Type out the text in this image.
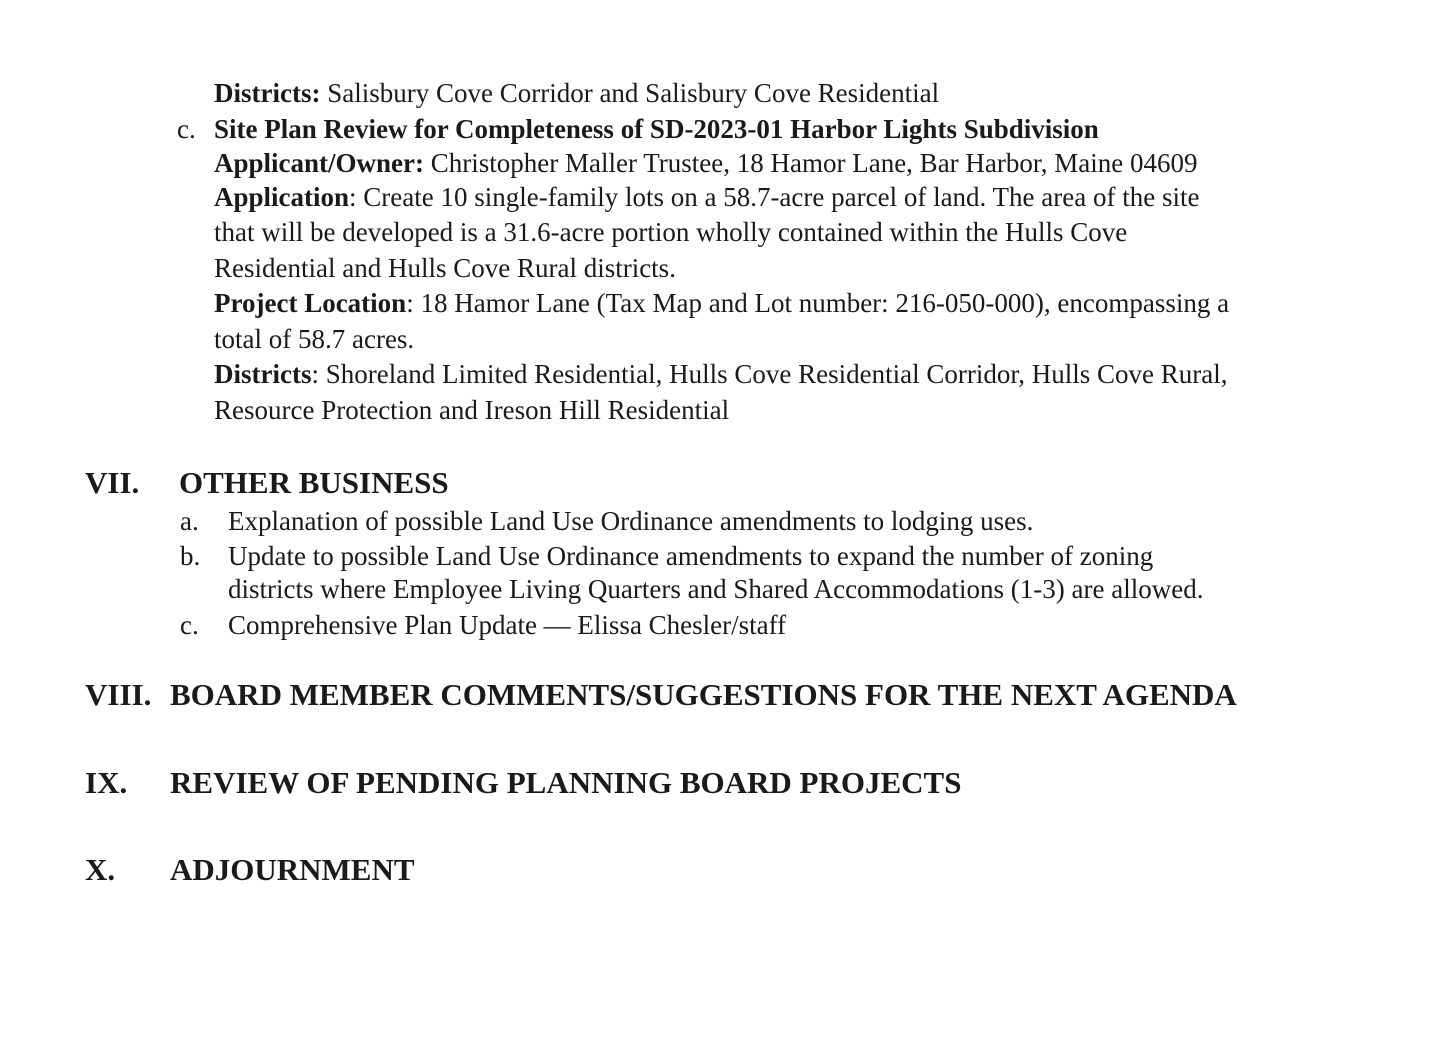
Districts: Salisbury Cove Corridor and Salisbury Cove Residential
c. Site Plan Review for Completeness of SD-2023-01 Harbor Lights Subdivision
Applicant/Owner: Christopher Maller Trustee, 18 Hamor Lane, Bar Harbor, Maine 04609
Application: Create 10 single-family lots on a 58.7-acre parcel of land. The area of the site
that will be developed is a 31.6-acre portion wholly contained within the Hulls Cove
Residential and Hulls Cove Rural districts.
Project Location: 18 Hamor Lane (Tax Map and Lot number: 216-050-000), encompassing a
total of 58.7 acres.
Districts: Shoreland Limited Residential, Hulls Cove Residential Corridor, Hulls Cove Rural,
Resource Protection and Ireson Hill Residential
VII. OTHER BUSINESS
a. Explanation of possible Land Use Ordinance amendments to lodging uses.
b. Update to possible Land Use Ordinance amendments to expand the number of zoning
districts where Employee Living Quarters and Shared Accommodations (1-3) are allowed.
c. Comprehensive Plan Update — Elissa Chesler/staff
VIII. BOARD MEMBER COMMENTS/SUGGESTIONS FOR THE NEXT AGENDA
IX. REVIEW OF PENDING PLANNING BOARD PROJECTS
X. ADJOURNMENT
